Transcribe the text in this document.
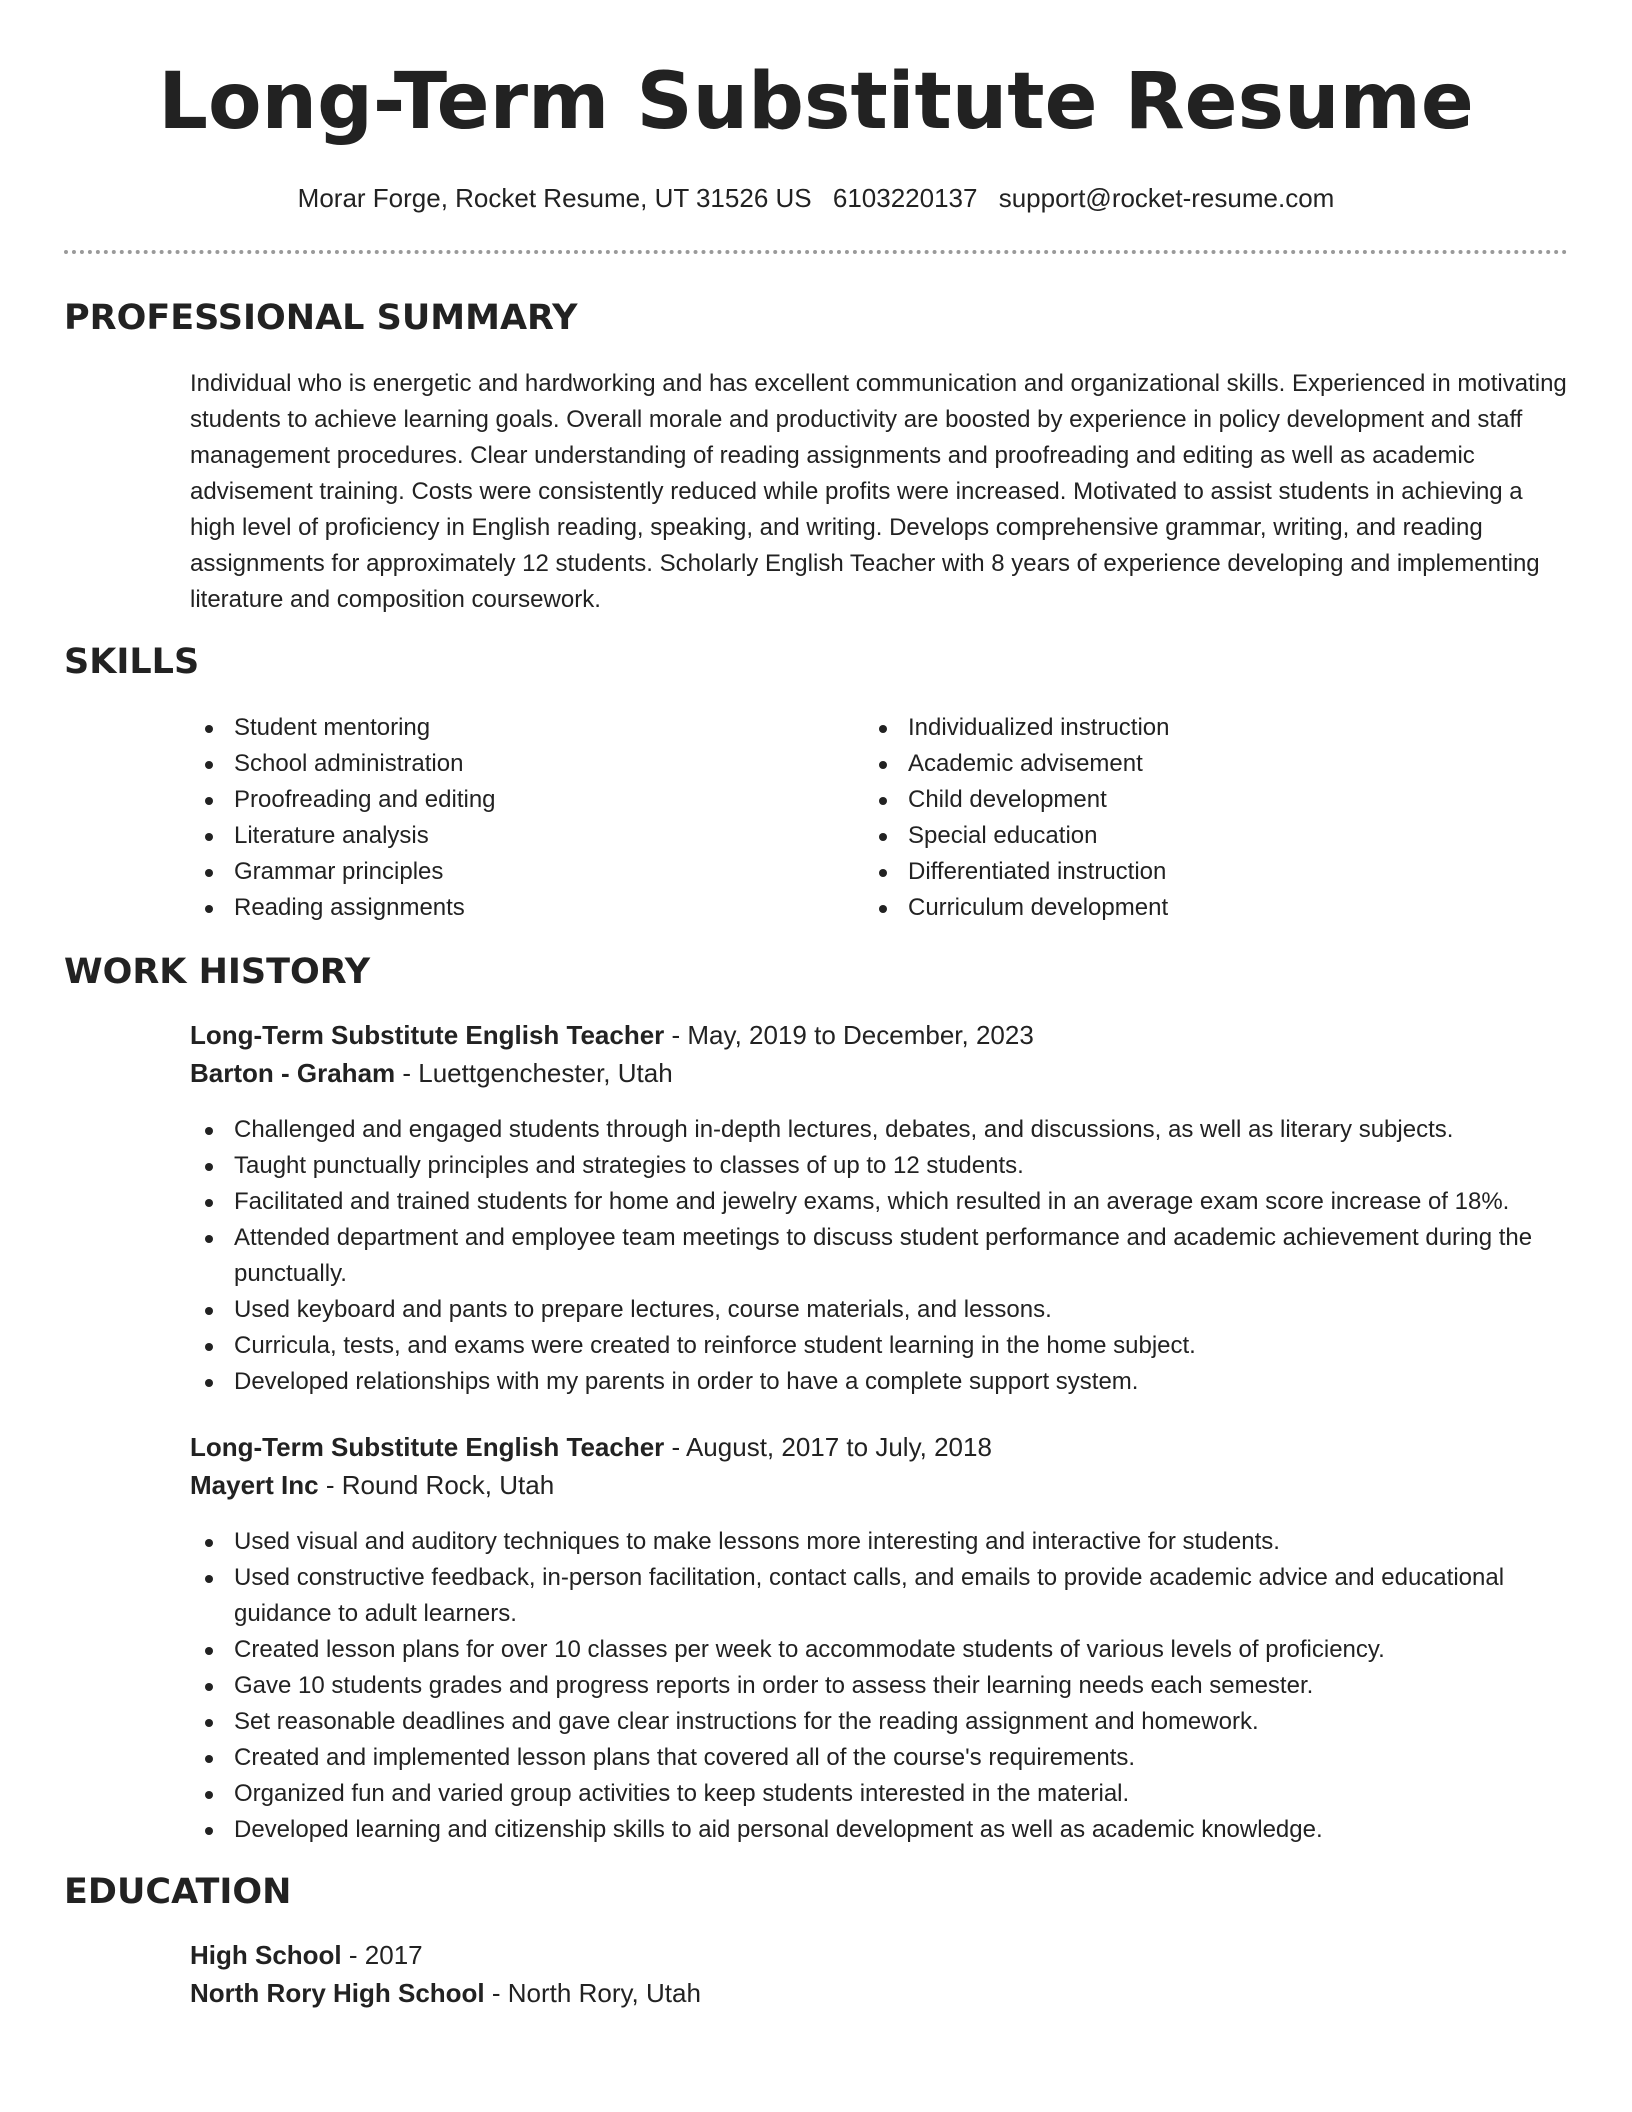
Long-Term Substitute Resume
Morar Forge, Rocket Resume, UT 31526 US 6103220137 support@rocket-resume.com
PROFESSIONAL SUMMARY
Individual who is energetic and hardworking and has excellent communication and organizational skills. Experienced in motivating students to achieve learning goals. Overall morale and productivity are boosted by experience in policy development and staff management procedures. Clear understanding of reading assignments and proofreading and editing as well as academic advisement training. Costs were consistently reduced while profits were increased. Motivated to assist students in achieving a high level of proficiency in English reading, speaking, and writing. Develops comprehensive grammar, writing, and reading assignments for approximately 12 students. Scholarly English Teacher with 8 years of experience developing and implementing literature and composition coursework.
SKILLS
Student mentoring
School administration
Proofreading and editing
Literature analysis
Grammar principles
Reading assignments
Individualized instruction
Academic advisement
Child development
Special education
Differentiated instruction
Curriculum development
WORK HISTORY
Long-Term Substitute English Teacher - May, 2019 to December, 2023
Barton - Graham - Luettgenchester, Utah
Challenged and engaged students through in-depth lectures, debates, and discussions, as well as literary subjects.
Taught punctually principles and strategies to classes of up to 12 students.
Facilitated and trained students for home and jewelry exams, which resulted in an average exam score increase of 18%.
Attended department and employee team meetings to discuss student performance and academic achievement during the punctually.
Used keyboard and pants to prepare lectures, course materials, and lessons.
Curricula, tests, and exams were created to reinforce student learning in the home subject.
Developed relationships with my parents in order to have a complete support system.
Long-Term Substitute English Teacher - August, 2017 to July, 2018
Mayert Inc - Round Rock, Utah
Used visual and auditory techniques to make lessons more interesting and interactive for students.
Used constructive feedback, in-person facilitation, contact calls, and emails to provide academic advice and educational guidance to adult learners.
Created lesson plans for over 10 classes per week to accommodate students of various levels of proficiency.
Gave 10 students grades and progress reports in order to assess their learning needs each semester.
Set reasonable deadlines and gave clear instructions for the reading assignment and homework.
Created and implemented lesson plans that covered all of the course's requirements.
Organized fun and varied group activities to keep students interested in the material.
Developed learning and citizenship skills to aid personal development as well as academic knowledge.
EDUCATION
High School - 2017
North Rory High School - North Rory, Utah
